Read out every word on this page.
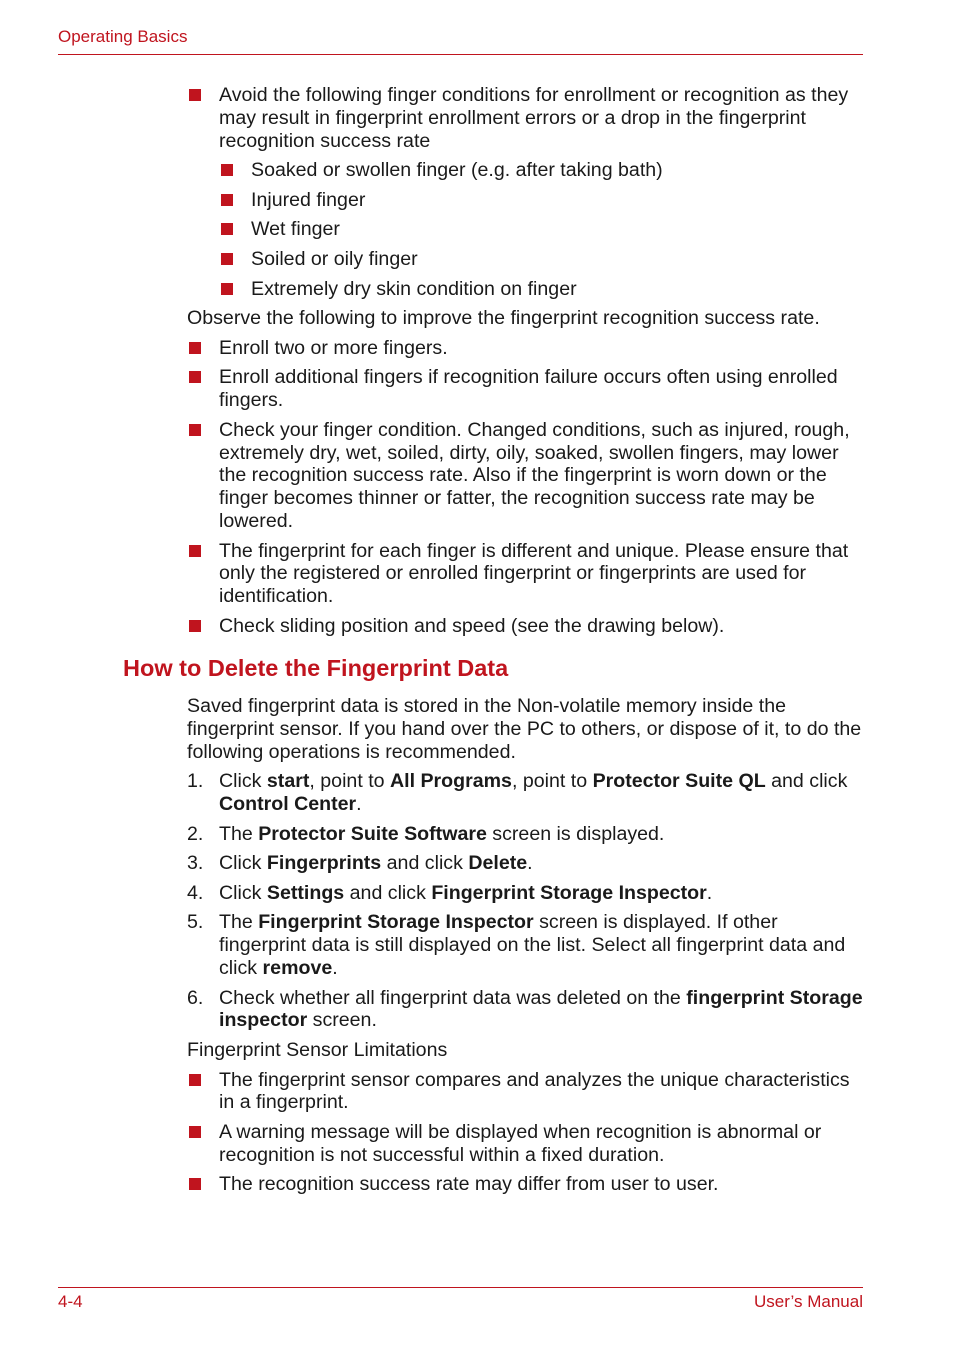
Operating Basics
Avoid the following finger conditions for enrollment or recognition as they may result in fingerprint enrollment errors or a drop in the fingerprint recognition success rate
Soaked or swollen finger (e.g. after taking bath)
Injured finger
Wet finger
Soiled or oily finger
Extremely dry skin condition on finger
Observe the following to improve the fingerprint recognition success rate.
Enroll two or more fingers.
Enroll additional fingers if recognition failure occurs often using enrolled fingers.
Check your finger condition. Changed conditions, such as injured, rough, extremely dry, wet, soiled, dirty, oily, soaked, swollen fingers, may lower the recognition success rate. Also if the fingerprint is worn down or the finger becomes thinner or fatter, the recognition success rate may be lowered.
The fingerprint for each finger is different and unique. Please ensure that only the registered or enrolled fingerprint or fingerprints are used for identification.
Check sliding position and speed (see the drawing below).
How to Delete the Fingerprint Data
Saved fingerprint data is stored in the Non-volatile memory inside the fingerprint sensor. If you hand over the PC to others, or dispose of it, to do the following operations is recommended.
1. Click start, point to All Programs, point to Protector Suite QL and click Control Center.
2. The Protector Suite Software screen is displayed.
3. Click Fingerprints and click Delete.
4. Click Settings and click Fingerprint Storage Inspector.
5. The Fingerprint Storage Inspector screen is displayed. If other fingerprint data is still displayed on the list. Select all fingerprint data and click remove.
6. Check whether all fingerprint data was deleted on the fingerprint Storage inspector screen.
Fingerprint Sensor Limitations
The fingerprint sensor compares and analyzes the unique characteristics in a fingerprint.
A warning message will be displayed when recognition is abnormal or recognition is not successful within a fixed duration.
The recognition success rate may differ from user to user.
4-4	User’s Manual
